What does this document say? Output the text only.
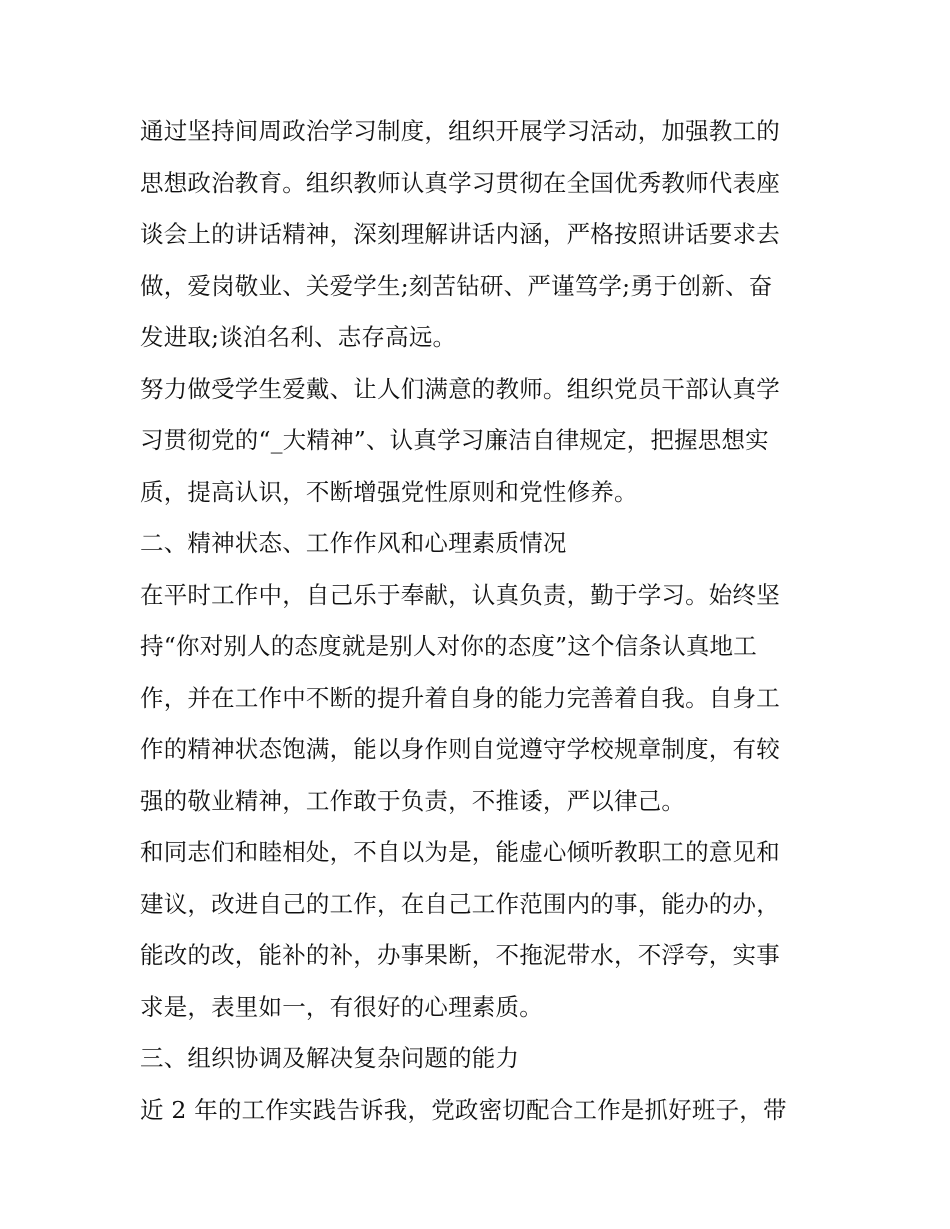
通过坚持间周政治学习制度，组织开展学习活动，加强教工的
思想政治教育。组织教师认真学习贯彻在全国优秀教师代表座
谈会上的讲话精神，深刻理解讲话内涵，严格按照讲话要求去
做，爱岗敬业、关爱学生;刻苦钻研、严谨笃学;勇于创新、奋
发进取;谈泊名利、志存高远。
努力做受学生爱戴、让人们满意的教师。组织党员干部认真学
习贯彻党的“_大精神”、认真学习廉洁自律规定，把握思想实
质，提高认识，不断增强党性原则和党性修养。
二、精神状态、工作作风和心理素质情况
在平时工作中，自己乐于奉献，认真负责，勤于学习。始终坚
持“你对别人的态度就是别人对你的态度”这个信条认真地工
作，并在工作中不断的提升着自身的能力完善着自我。自身工
作的精神状态饱满，能以身作则自觉遵守学校规章制度，有较
强的敬业精神，工作敢于负责，不推诿，严以律己。
和同志们和睦相处，不自以为是，能虚心倾听教职工的意见和
建议，改进自己的工作，在自己工作范围内的事，能办的办，
能改的改，能补的补，办事果断，不拖泥带水，不浮夸，实事
求是，表里如一，有很好的心理素质。
三、组织协调及解决复杂问题的能力
近 2 年的工作实践告诉我，党政密切配合工作是抓好班子，带
